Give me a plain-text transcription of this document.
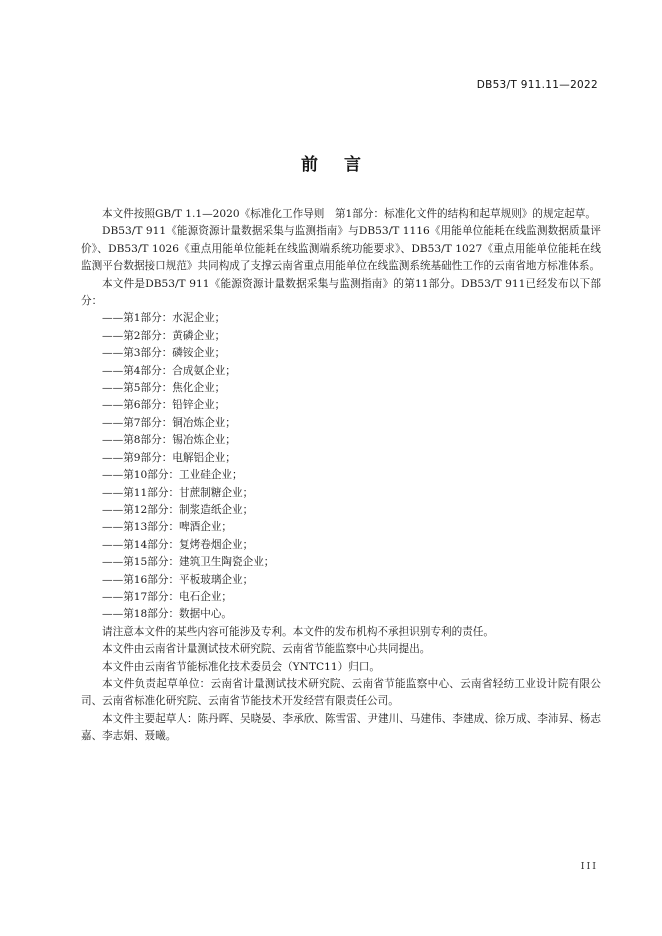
DB53/T 911.11—2022
前言

本文件按照GB/T 1.1—2020《标准化工作导则　第1部分：标准化文件的结构和起草规则》的规定起草。

DB53/T 911《能源资源计量数据采集与监测指南》与DB53/T 1116《用能单位能耗在线监测数据质量评价》、DB53/T 1026《重点用能单位能耗在线监测端系统功能要求》、DB53/T 1027《重点用能单位能耗在线监测平台数据接口规范》共同构成了支撑云南省重点用能单位在线监测系统基础性工作的云南省地方标准体系。

本文件是DB53/T 911《能源资源计量数据采集与监测指南》的第11部分。DB53/T 911已经发布以下部分：

——第1部分：水泥企业；

——第2部分：黄磷企业；

——第3部分：磷铵企业；

——第4部分：合成氨企业；

——第5部分：焦化企业；

——第6部分：铅锌企业；

——第7部分：铜冶炼企业；

——第8部分：锡冶炼企业；

——第9部分：电解铝企业；

——第10部分：工业硅企业；

——第11部分：甘蔗制糖企业；

——第12部分：制浆造纸企业；

——第13部分：啤酒企业；

——第14部分：复烤卷烟企业；

——第15部分：建筑卫生陶瓷企业；

——第16部分：平板玻璃企业；

——第17部分：电石企业；

——第18部分：数据中心。

请注意本文件的某些内容可能涉及专利。本文件的发布机构不承担识别专利的责任。

本文件由云南省计量测试技术研究院、云南省节能监察中心共同提出。

本文件由云南省节能标准化技术委员会（YNTC11）归口。

本文件负责起草单位：云南省计量测试技术研究院、云南省节能监察中心、云南省轻纺工业设计院有限公司、云南省标准化研究院、云南省节能技术开发经营有限责任公司。

本文件主要起草人：陈丹晖、吴晓晏、李承欣、陈雪雷、尹建川、马建伟、李建成、徐万成、李沛昇、杨志嘉、李志娟、聂曦。

III
